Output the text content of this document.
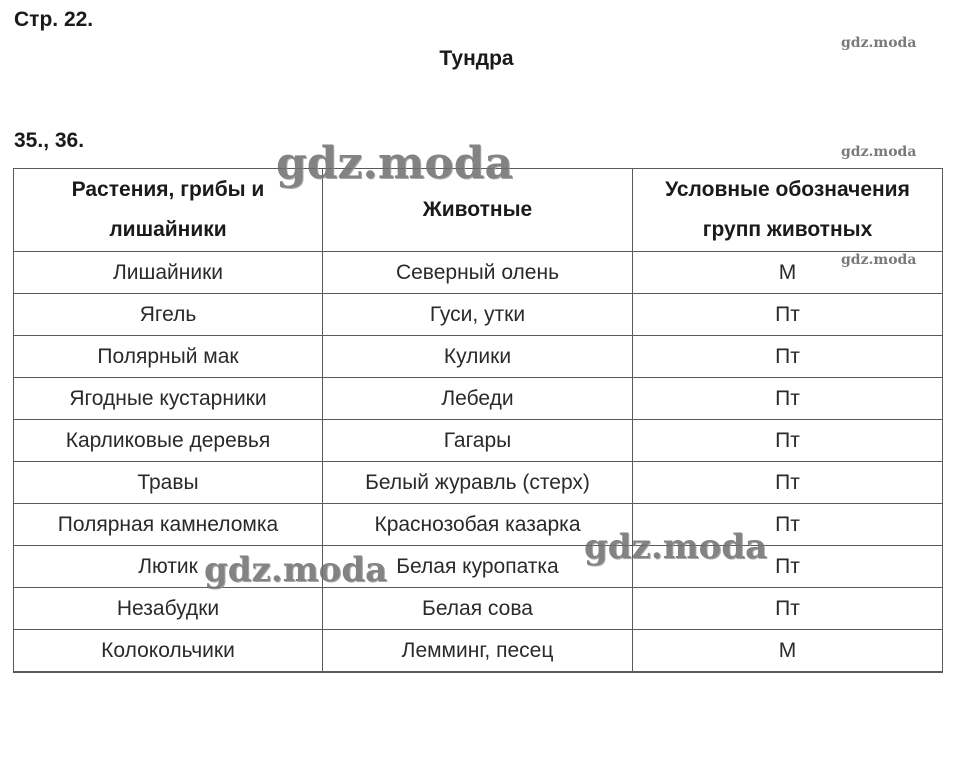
Стр. 22.
Тундра
35., 36.
Растения, грибы и лишайники	Животные	Условные обозначения групп животных
Лишайники	Северный олень	М
Ягель	Гуси, утки	Пт
Полярный мак	Кулики	Пт
Ягодные кустарники	Лебеди	Пт
Карликовые деревья	Гагары	Пт
Травы	Белый журавль (стерх)	Пт
Полярная камнеломка	Краснозобая казарка	Пт
Лютик	Белая куропатка	Пт
Незабудки	Белая сова	Пт
Колокольчики	Лемминг, песец	М
gdz.moda
gdz.moda
gdz.moda
gdz.moda
gdz.moda
gdz.moda
